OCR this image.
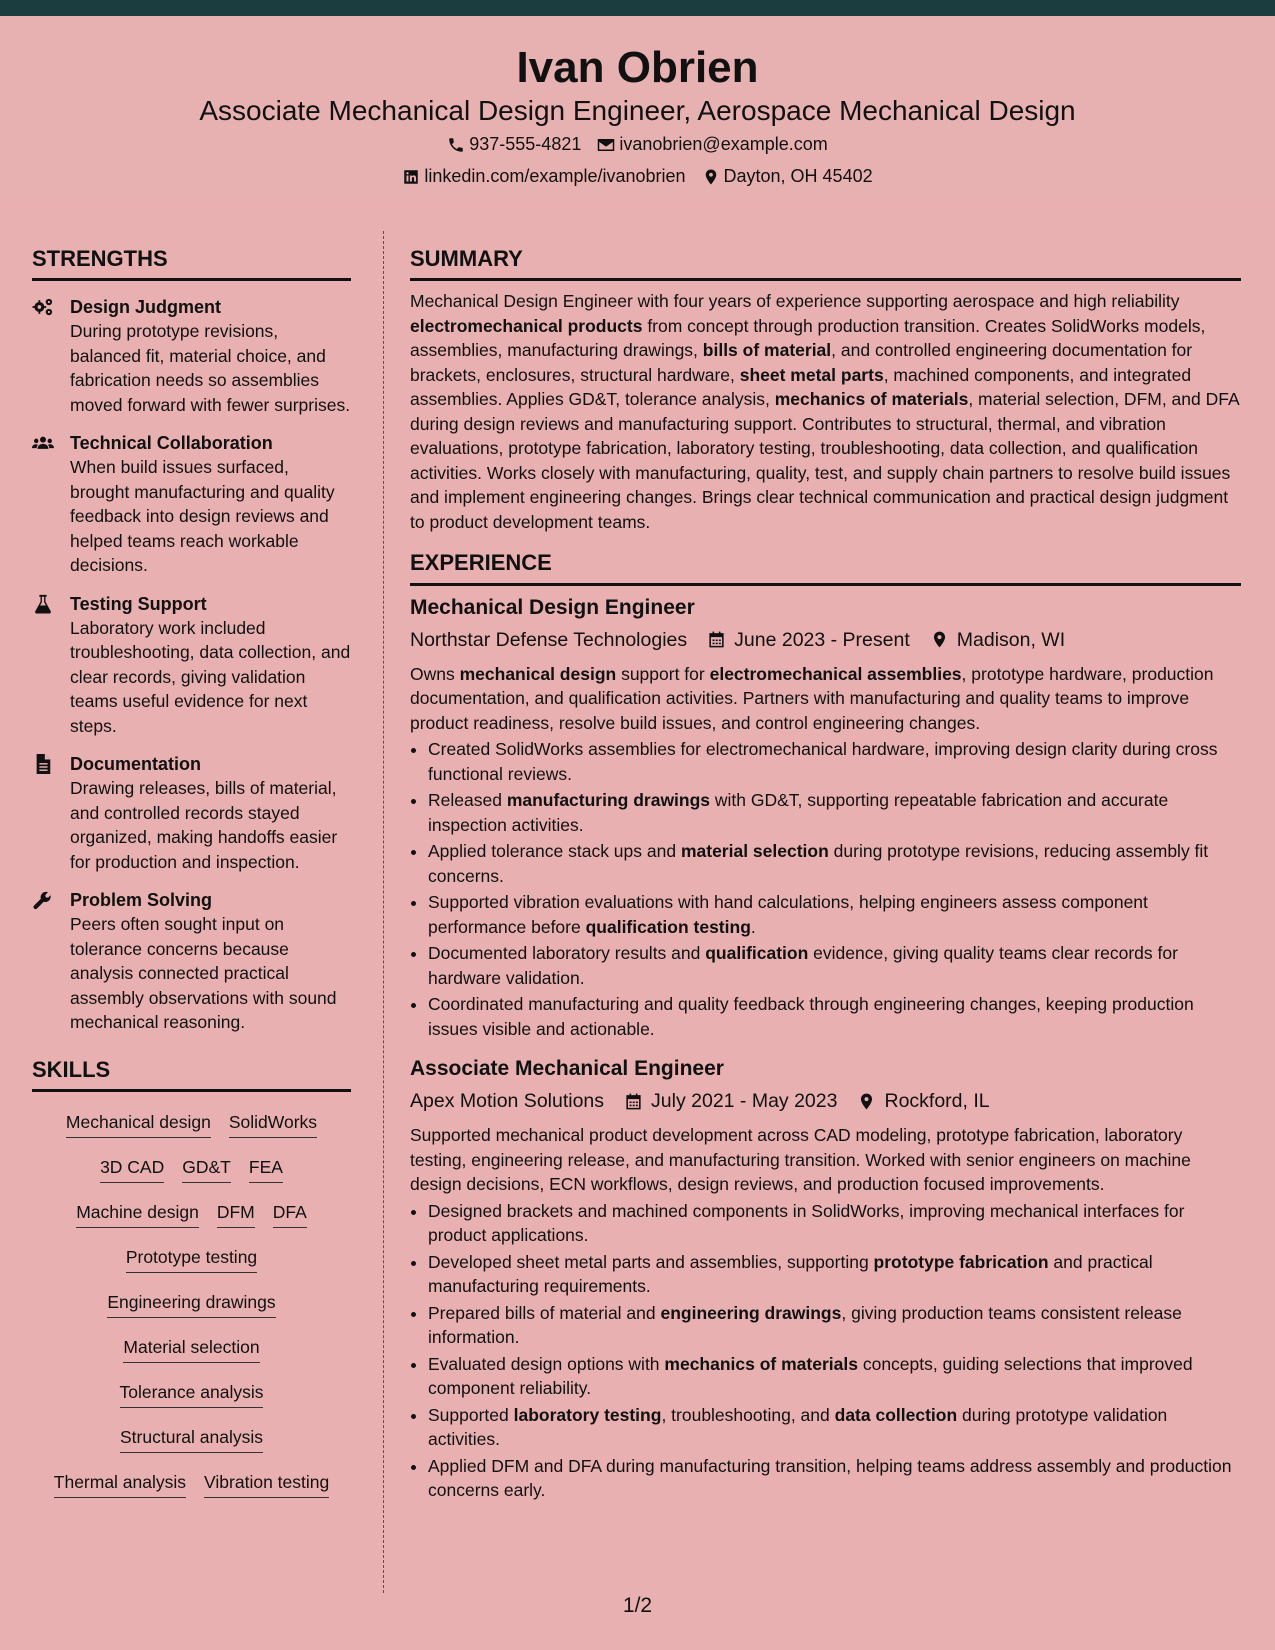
Ivan Obrien
Associate Mechanical Design Engineer, Aerospace Mechanical Design
937-555-4821 ivanobrien@example.com
linkedin.com/example/ivanobrien Dayton, OH 45402
STRENGTHS
Design Judgment
During prototype revisions, balanced fit, material choice, and fabrication needs so assemblies moved forward with fewer surprises.
Technical Collaboration
When build issues surfaced, brought manufacturing and quality feedback into design reviews and helped teams reach workable decisions.
Testing Support
Laboratory work included troubleshooting, data collection, and clear records, giving validation teams useful evidence for next steps.
Documentation
Drawing releases, bills of material, and controlled records stayed organized, making handoffs easier for production and inspection.
Problem Solving
Peers often sought input on tolerance concerns because analysis connected practical assembly observations with sound mechanical reasoning.
SKILLS
Mechanical design SolidWorks
3D CAD GD&T FEA
Machine design DFM DFA
Prototype testing
Engineering drawings
Material selection
Tolerance analysis
Structural analysis
Thermal analysis Vibration testing
SUMMARY
Mechanical Design Engineer with four years of experience supporting aerospace and high reliability electromechanical products from concept through production transition. Creates SolidWorks models, assemblies, manufacturing drawings, bills of material, and controlled engineering documentation for brackets, enclosures, structural hardware, sheet metal parts, machined components, and integrated assemblies. Applies GD&T, tolerance analysis, mechanics of materials, material selection, DFM, and DFA during design reviews and manufacturing support. Contributes to structural, thermal, and vibration evaluations, prototype fabrication, laboratory testing, troubleshooting, data collection, and qualification activities. Works closely with manufacturing, quality, test, and supply chain partners to resolve build issues and implement engineering changes. Brings clear technical communication and practical design judgment to product development teams.
EXPERIENCE
Mechanical Design Engineer
Northstar Defense Technologies June 2023 - Present Madison, WI
Owns mechanical design support for electromechanical assemblies, prototype hardware, production documentation, and qualification activities. Partners with manufacturing and quality teams to improve product readiness, resolve build issues, and control engineering changes.
• Created SolidWorks assemblies for electromechanical hardware, improving design clarity during cross functional reviews.
• Released manufacturing drawings with GD&T, supporting repeatable fabrication and accurate inspection activities.
• Applied tolerance stack ups and material selection during prototype revisions, reducing assembly fit concerns.
• Supported vibration evaluations with hand calculations, helping engineers assess component performance before qualification testing.
• Documented laboratory results and qualification evidence, giving quality teams clear records for hardware validation.
• Coordinated manufacturing and quality feedback through engineering changes, keeping production issues visible and actionable.
Associate Mechanical Engineer
Apex Motion Solutions July 2021 - May 2023 Rockford, IL
Supported mechanical product development across CAD modeling, prototype fabrication, laboratory testing, engineering release, and manufacturing transition. Worked with senior engineers on machine design decisions, ECN workflows, design reviews, and production focused improvements.
• Designed brackets and machined components in SolidWorks, improving mechanical interfaces for product applications.
• Developed sheet metal parts and assemblies, supporting prototype fabrication and practical manufacturing requirements.
• Prepared bills of material and engineering drawings, giving production teams consistent release information.
• Evaluated design options with mechanics of materials concepts, guiding selections that improved component reliability.
• Supported laboratory testing, troubleshooting, and data collection during prototype validation activities.
• Applied DFM and DFA during manufacturing transition, helping teams address assembly and production concerns early.
1/2
